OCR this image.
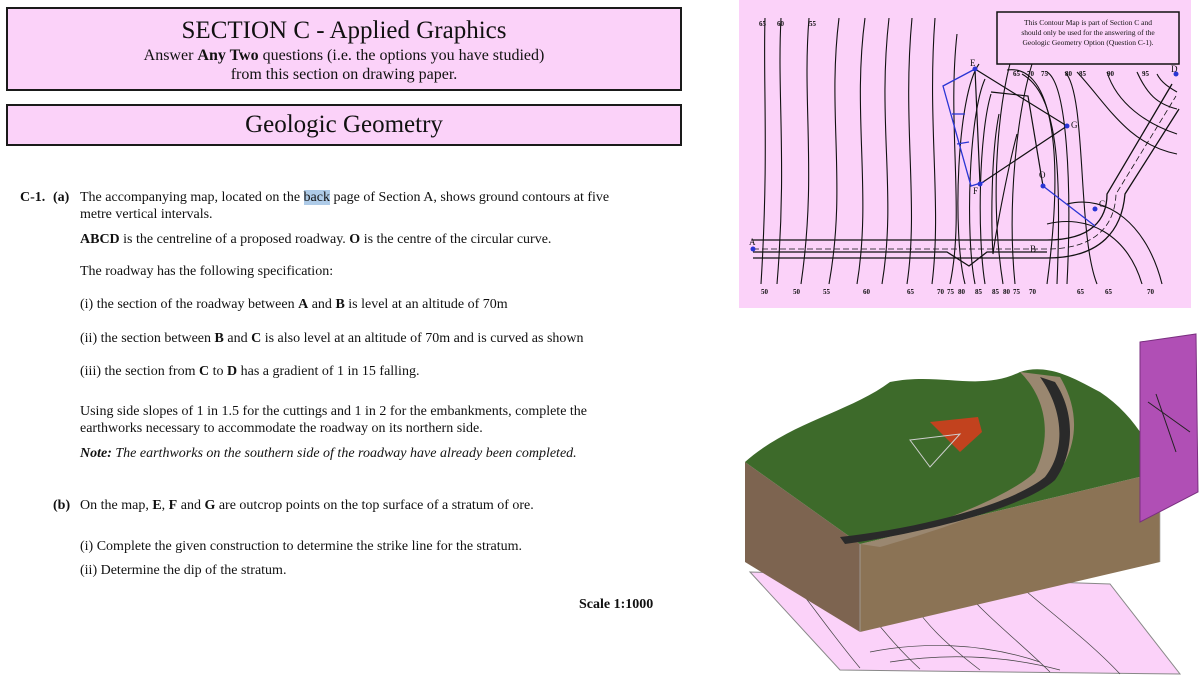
SECTION C - Applied Graphics
Answer Any Two questions (i.e. the options you have studied)
from this section on drawing paper.
Geologic Geometry
C-1. (a) The accompanying map, located on the back page of Section A, shows ground contours at five
metre vertical intervals.
ABCD is the centreline of a proposed roadway. O is the centre of the circular curve.
The roadway has the following specification:
(i) the section of the roadway between A and B is level at an altitude of 70m
(ii) the section between B and C is also level at an altitude of 70m and is curved as shown
(iii) the section from C to D has a gradient of 1 in 15 falling.
Using side slopes of 1 in 1.5 for the cuttings and 1 in 2 for the embankments, complete the
earthworks necessary to accommodate the roadway on its northern side.
Note: The earthworks on the southern side of the roadway have already been completed.
(b) On the map, E, F and G are outcrop points on the top surface of a stratum of ore.
(i) Complete the given construction to determine the strike line for the stratum.
(ii) Determine the dip of the stratum.
Scale 1:1000
A
B
C
D
E
F
G
O
This Contour Map is part of Section C and
should only be used for the answering of the
Geologic Geometry Option (Question C-1).
65 60	55
65 70 75 80 85	90	95
50	50	55	60	65	70 75 80 85 85 80 75 70	65	65	70
